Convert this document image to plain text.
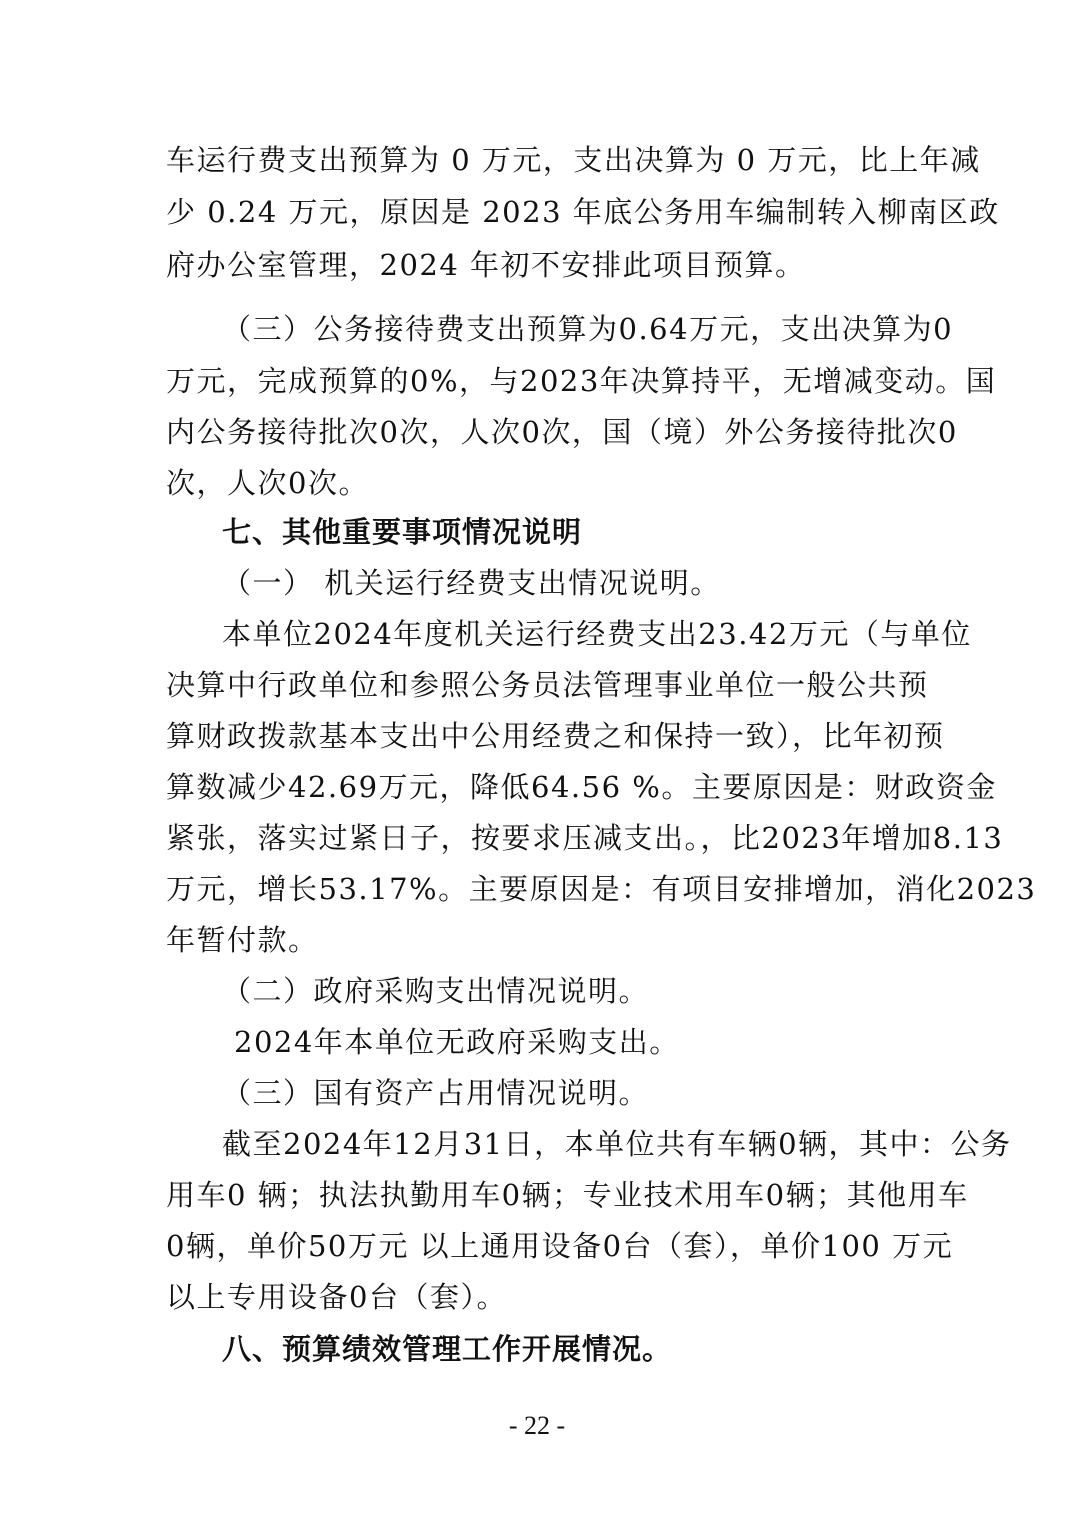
车运行费支出预算为 0 万元，支出决算为 0 万元，比上年减
少 0.24 万元，原因是 2023 年底公务用车编制转入柳南区政
府办公室管理，2024 年初不安排此项目预算。
（三）公务接待费支出预算为0.64万元，支出决算为0
万元，完成预算的0%，与2023年决算持平，无增减变动。国
内公务接待批次0次，人次0次，国（境）外公务接待批次0
次，人次0次。
七、其他重要事项情况说明
（一） 机关运行经费支出情况说明。
本单位2024年度机关运行经费支出23.42万元（与单位
决算中行政单位和参照公务员法管理事业单位一般公共预
算财政拨款基本支出中公用经费之和保持一致），比年初预
算数减少42.69万元，降低64.56 %。主要原因是：财政资金
紧张，落实过紧日子，按要求压减支出。，比2023年增加8.13
万元，增长53.17%。主要原因是：有项目安排增加，消化2023
年暂付款。
（二）政府采购支出情况说明。
2024年本单位无政府采购支出。
（三）国有资产占用情况说明。
截至2024年12月31日，本单位共有车辆0辆，其中：公务
用车0 辆；执法执勤用车0辆；专业技术用车0辆；其他用车
0辆，单价50万元 以上通用设备0台（套），单价100 万元
以上专用设备0台（套）。
八、预算绩效管理工作开展情况。
- 22 -
